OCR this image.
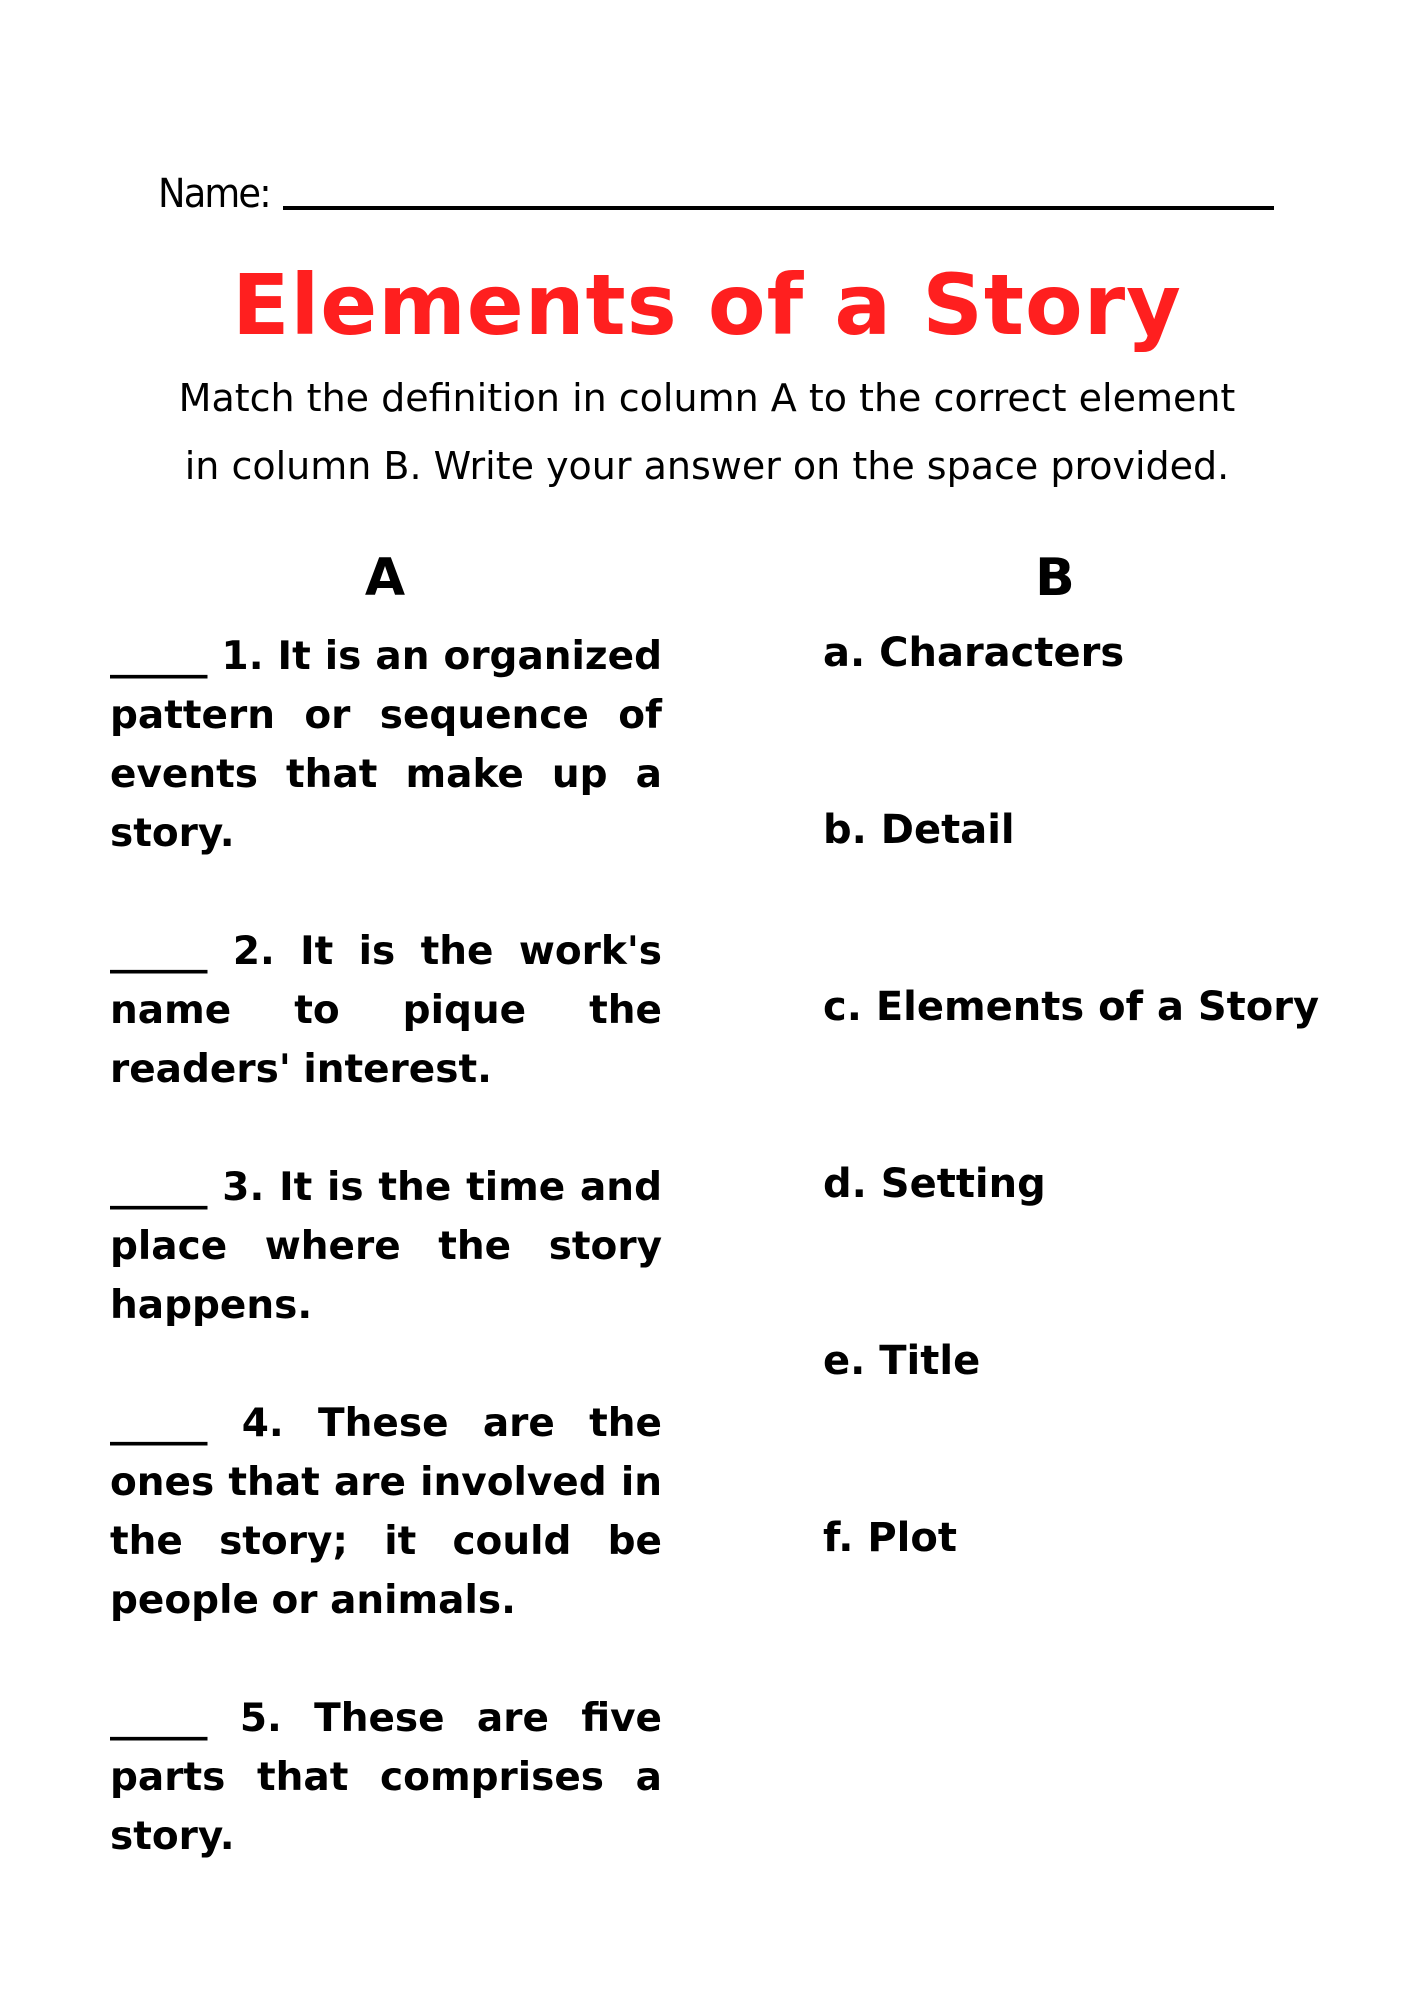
Name:
Elements of a Story
Match the definition in column A to the correct element
in column B. Write your answer on the space provided.
A	B

_____ 1. It is an organized pattern or sequence of events that make up a story.

_____ 2. It is the work's name to pique the readers' interest.

_____ 3. It is the time and place where the story happens.

_____ 4. These are the ones that are involved in the story; it could be people or animals.

_____ 5. These are five parts that comprises a story.

a. Characters
b. Detail
c. Elements of a Story
d. Setting
e. Title
f. Plot
